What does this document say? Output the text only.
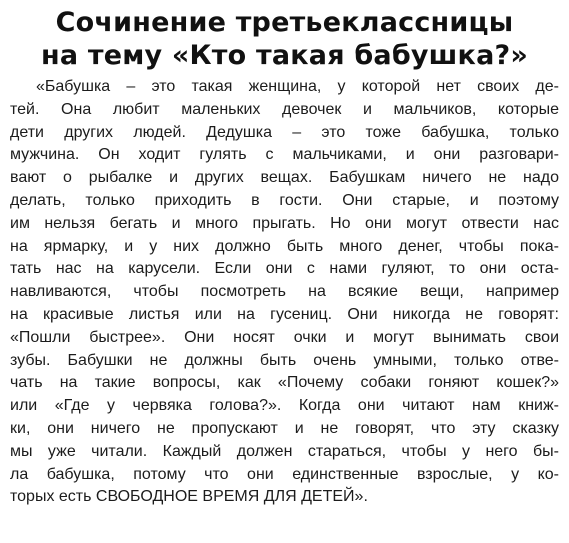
Сочинение третьеклассницы
на тему «Кто такая бабушка?»
«Бабушка – это такая женщина, у которой нет своих де-
тей. Она любит маленьких девочек и мальчиков, которые
дети других людей. Дедушка – это тоже бабушка, только
мужчина. Он ходит гулять с мальчиками, и они разговари-
вают о рыбалке и других вещах. Бабушкам ничего не надо
делать, только приходить в гости. Они старые, и поэтому
им нельзя бегать и много прыгать. Но они могут отвести нас
на ярмарку, и у них должно быть много денег, чтобы пока-
тать нас на карусели. Если они с нами гуляют, то они оста-
навливаются, чтобы посмотреть на всякие вещи, например
на красивые листья или на гусениц. Они никогда не говорят:
«Пошли быстрее». Они носят очки и могут вынимать свои
зубы. Бабушки не должны быть очень умными, только отве-
чать на такие вопросы, как «Почему собаки гоняют кошек?»
или «Где у червяка голова?». Когда они читают нам книж-
ки, они ничего не пропускают и не говорят, что эту сказку
мы уже читали. Каждый должен стараться, чтобы у него бы-
ла бабушка, потому что они единственные взрослые, у ко-
торых есть СВОБОДНОЕ ВРЕМЯ ДЛЯ ДЕТЕЙ».
